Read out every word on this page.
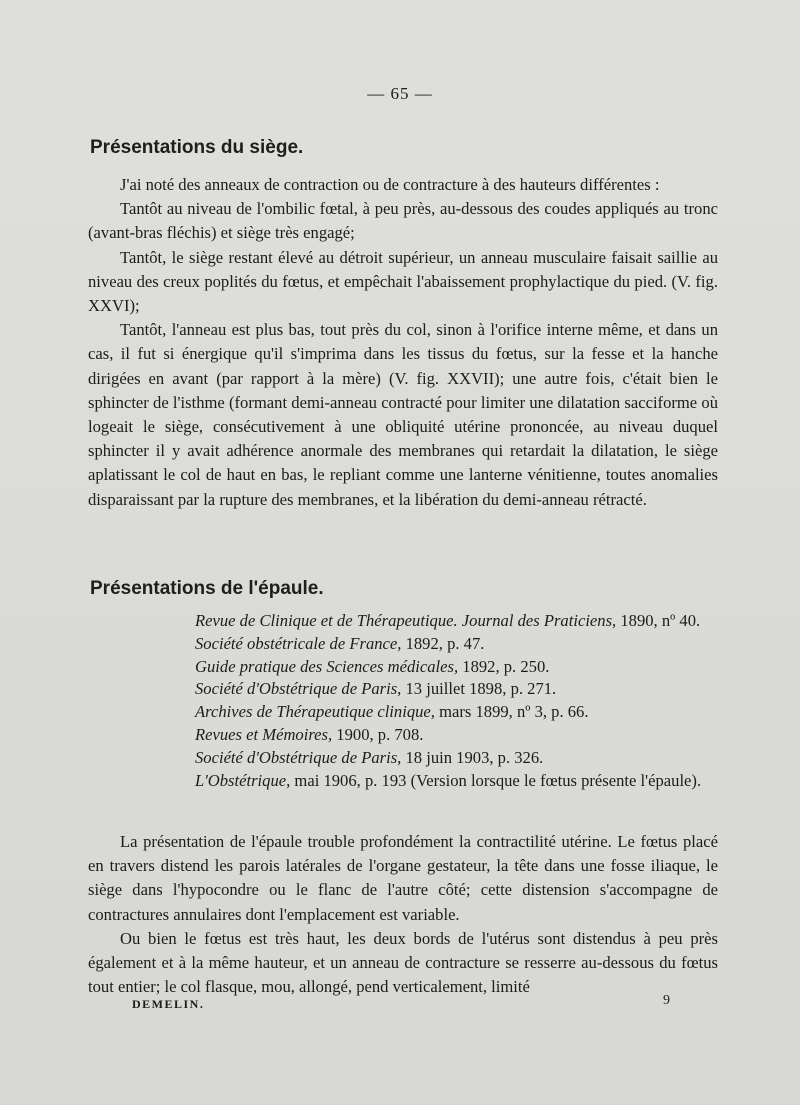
— 65 —
Présentations du siège.

J'ai noté des anneaux de contraction ou de contracture à des hauteurs différentes :

Tantôt au niveau de l'ombilic fœtal, à peu près, au-dessous des coudes appliqués au tronc (avant-bras fléchis) et siège très engagé;

Tantôt, le siège restant élevé au détroit supérieur, un anneau musculaire faisait saillie au niveau des creux poplités du fœtus, et empêchait l'abaissement prophylactique du pied. (V. fig. XXVI);

Tantôt, l'anneau est plus bas, tout près du col, sinon à l'orifice interne même, et dans un cas, il fut si énergique qu'il s'imprima dans les tissus du fœtus, sur la fesse et la hanche dirigées en avant (par rapport à la mère) (V. fig. XXVII); une autre fois, c'était bien le sphincter de l'isthme (formant demi-anneau contracté pour limiter une dilatation sacciforme où logeait le siège, consécutivement à une obliquité utérine prononcée, au niveau duquel sphincter il y avait adhérence anormale des membranes qui retardait la dilatation, le siège aplatissant le col de haut en bas, le repliant comme une lanterne vénitienne, toutes anomalies disparaissant par la rupture des membranes, et la libération du demi-anneau rétracté.

Présentations de l'épaule.
Revue de Clinique et de Thérapeutique. Journal des Praticiens, 1890, nº 40.
Société obstétricale de France, 1892, p. 47.
Guide pratique des Sciences médicales, 1892, p. 250.
Société d'Obstétrique de Paris, 13 juillet 1898, p. 271.
Archives de Thérapeutique clinique, mars 1899, nº 3, p. 66.
Revues et Mémoires, 1900, p. 708.
Société d'Obstétrique de Paris, 18 juin 1903, p. 326.
L'Obstétrique, mai 1906, p. 193 (Version lorsque le fœtus présente l'épaule).

La présentation de l'épaule trouble profondément la contractilité utérine. Le fœtus placé en travers distend les parois latérales de l'organe gestateur, la tête dans une fosse iliaque, le siège dans l'hypocondre ou le flanc de l'autre côté; cette distension s'accompagne de contractures annulaires dont l'emplacement est variable.

Ou bien le fœtus est très haut, les deux bords de l'utérus sont distendus à peu près également et à la même hauteur, et un anneau de contracture se resserre au-dessous du fœtus tout entier; le col flasque, mou, allongé, pend verticalement, limité

DEMELIN.	9
